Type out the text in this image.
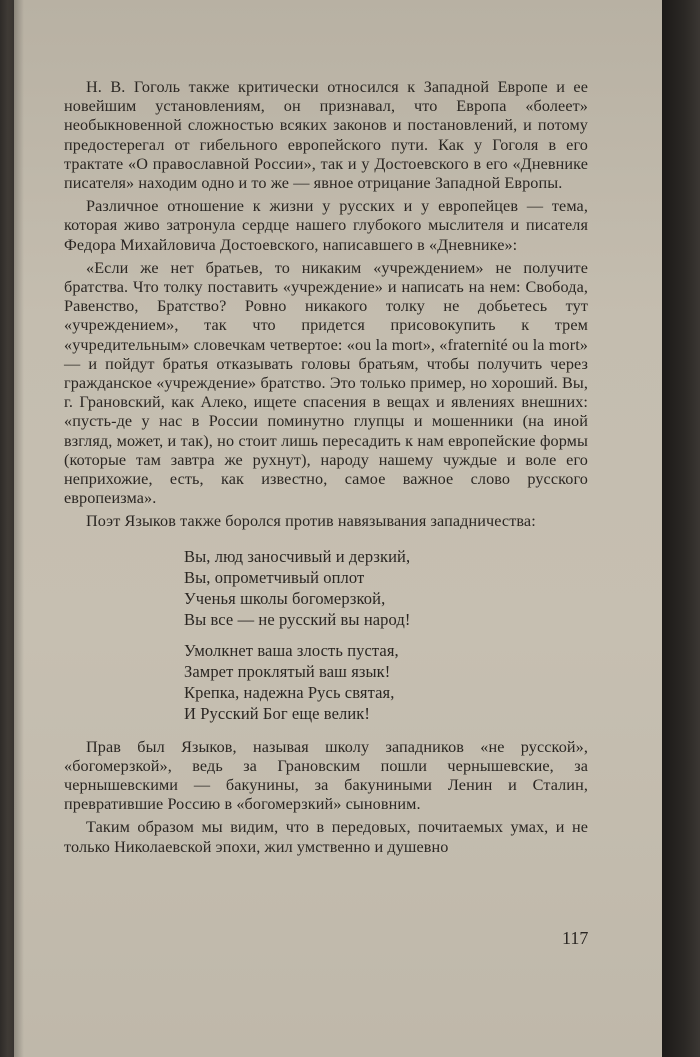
Н. В. Гоголь также критически относился к Западной Европе и ее новейшим установлениям, он признавал, что Европа «болеет» необыкновенной сложностью всяких законов и постановлений, и потому предостерегал от гибельного европейского пути. Как у Гоголя в его трактате «О православной России», так и у Достоевского в его «Дневнике писателя» находим одно и то же — явное отрицание Западной Европы.

Различное отношение к жизни у русских и у европейцев — тема, которая живо затронула сердце нашего глубокого мыслителя и писателя Федора Михайловича Достоевского, написавшего в «Дневнике»:

«Если же нет братьев, то никаким «учреждением» не получите братства. Что толку поставить «учреждение» и написать на нем: Свобода, Равенство, Братство? Ровно никакого толку не добьетесь тут «учреждением», так что придется присовокупить к трем «учредительным» словечкам четвертое: «ou la mort», «fraternité ou la mort» — и пойдут братья отказывать головы братьям, чтобы получить через гражданское «учреждение» братство. Это только пример, но хороший. Вы, г. Грановский, как Алеко, ищете спасения в вещах и явлениях внешних: «пусть-де у нас в России поминутно глупцы и мошенники (на иной взгляд, может, и так), но стоит лишь пересадить к нам европейские формы (которые там завтра же рухнут), народу нашему чуждые и воле его неприхожие, есть, как известно, самое важное слово русского европеизма».

Поэт Языков также боролся против навязывания западничества:

Вы, люд заносчивый и дерзкий,
Вы, опрометчивый оплот
Ученья школы богомерзкой,
Вы все — не русский вы народ!
Умолкнет ваша злость пустая,
Замрет проклятый ваш язык!
Крепка, надежна Русь святая,
И Русский Бог еще велик!

Прав был Языков, называя школу западников «не русской», «богомерзкой», ведь за Грановским пошли чернышевские, за чернышевскими — бакунины, за бакуниными Ленин и Сталин, превратившие Россию в «богомерзкий» сыновним.

Таким образом мы видим, что в передовых, почитаемых умах, и не только Николаевской эпохи, жил умственно и душевно

117
